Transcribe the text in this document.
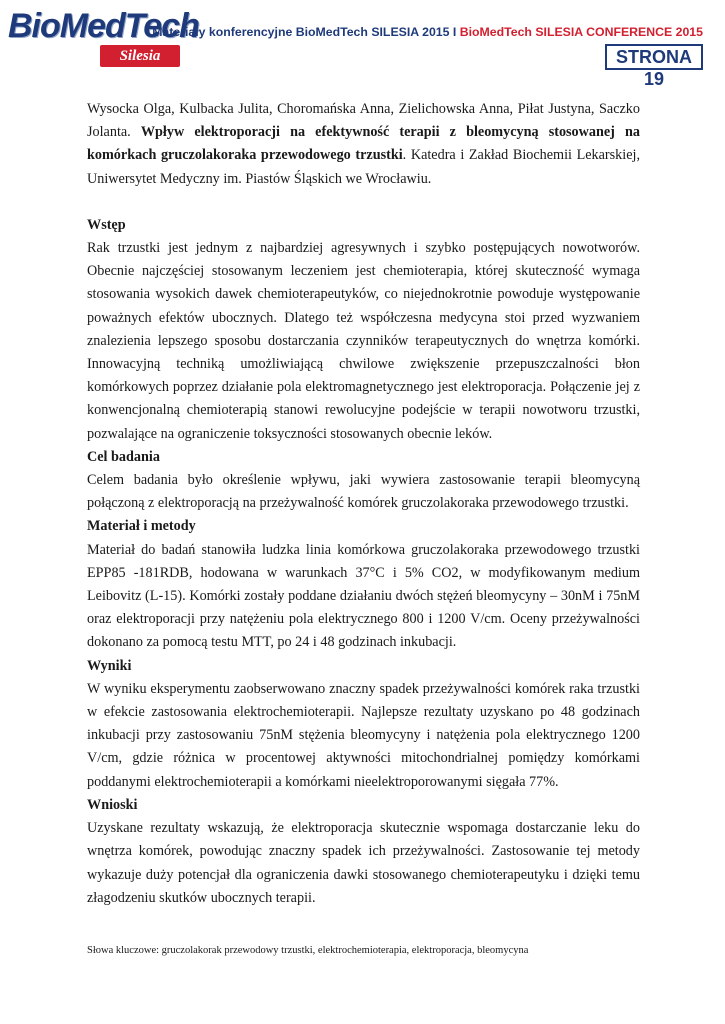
BioMedTech
Silesia
Materiały konferencyjne BioMedTech SILESIA 2015 I BioMedTech SILESIA CONFERENCE 2015
STRONA 19

Wysocka Olga, Kulbacka Julita, Choromańska Anna, Zielichowska Anna, Piłat Justyna, Saczko Jolanta. Wpływ elektroporacji na efektywność terapii z bleomycyną stosowanej na komórkach gruczolakoraka przewodowego trzustki. Katedra i Zakład Biochemii Lekarskiej, Uniwersytet Medyczny im. Piastów Śląskich we Wrocławiu.

Wstęp

Rak trzustki jest jednym z najbardziej agresywnych i szybko postępujących nowotworów. Obecnie najczęściej stosowanym leczeniem jest chemioterapia, której skuteczność wymaga stosowania wysokich dawek chemioterapeutyków, co niejednokrotnie powoduje występowanie poważnych efektów ubocznych. Dlatego też współczesna medycyna stoi przed wyzwaniem znalezienia lepszego sposobu dostarczania czynników terapeutycznych do wnętrza komórki. Innowacyjną techniką umożliwiającą chwilowe zwiększenie przepuszczalności błon komórkowych poprzez działanie pola elektromagnetycznego jest elektroporacja. Połączenie jej z konwencjonalną chemioterapią stanowi rewolucyjne podejście w terapii nowotworu trzustki, pozwalające na ograniczenie toksyczności stosowanych obecnie leków.

Cel badania

Celem badania było określenie wpływu, jaki wywiera zastosowanie terapii bleomycyną połączoną z elektroporacją na przeżywalność komórek gruczolakoraka przewodowego trzustki.

Materiał i metody

Materiał do badań stanowiła ludzka linia komórkowa gruczolakoraka przewodowego trzustki EPP85 -181RDB, hodowana w warunkach 37°C i 5% CO2, w modyfikowanym medium Leibovitz (L-15). Komórki zostały poddane działaniu dwóch stężeń bleomycyny – 30nM i 75nM oraz elektroporacji przy natężeniu pola elektrycznego 800 i 1200 V/cm. Oceny przeżywalności dokonano za pomocą testu MTT, po 24 i 48 godzinach inkubacji.

Wyniki

W wyniku eksperymentu zaobserwowano znaczny spadek przeżywalności komórek raka trzustki w efekcie zastosowania elektrochemioterapii. Najlepsze rezultaty uzyskano po 48 godzinach inkubacji przy zastosowaniu 75nM stężenia bleomycyny i natężenia pola elektrycznego 1200 V/cm, gdzie różnica w procentowej aktywności mitochondrialnej pomiędzy komórkami poddanymi elektrochemioterapii a komórkami nieelektroporowanymi sięgała 77%.

Wnioski

Uzyskane rezultaty wskazują, że elektroporacja skutecznie wspomaga dostarczanie leku do wnętrza komórek, powodując znaczny spadek ich przeżywalności. Zastosowanie tej metody wykazuje duży potencjał dla ograniczenia dawki stosowanego chemioterapeutyku i dzięki temu złagodzeniu skutków ubocznych terapii.

Słowa kluczowe: gruczolakorak przewodowy trzustki, elektrochemioterapia, elektroporacja, bleomycyna
